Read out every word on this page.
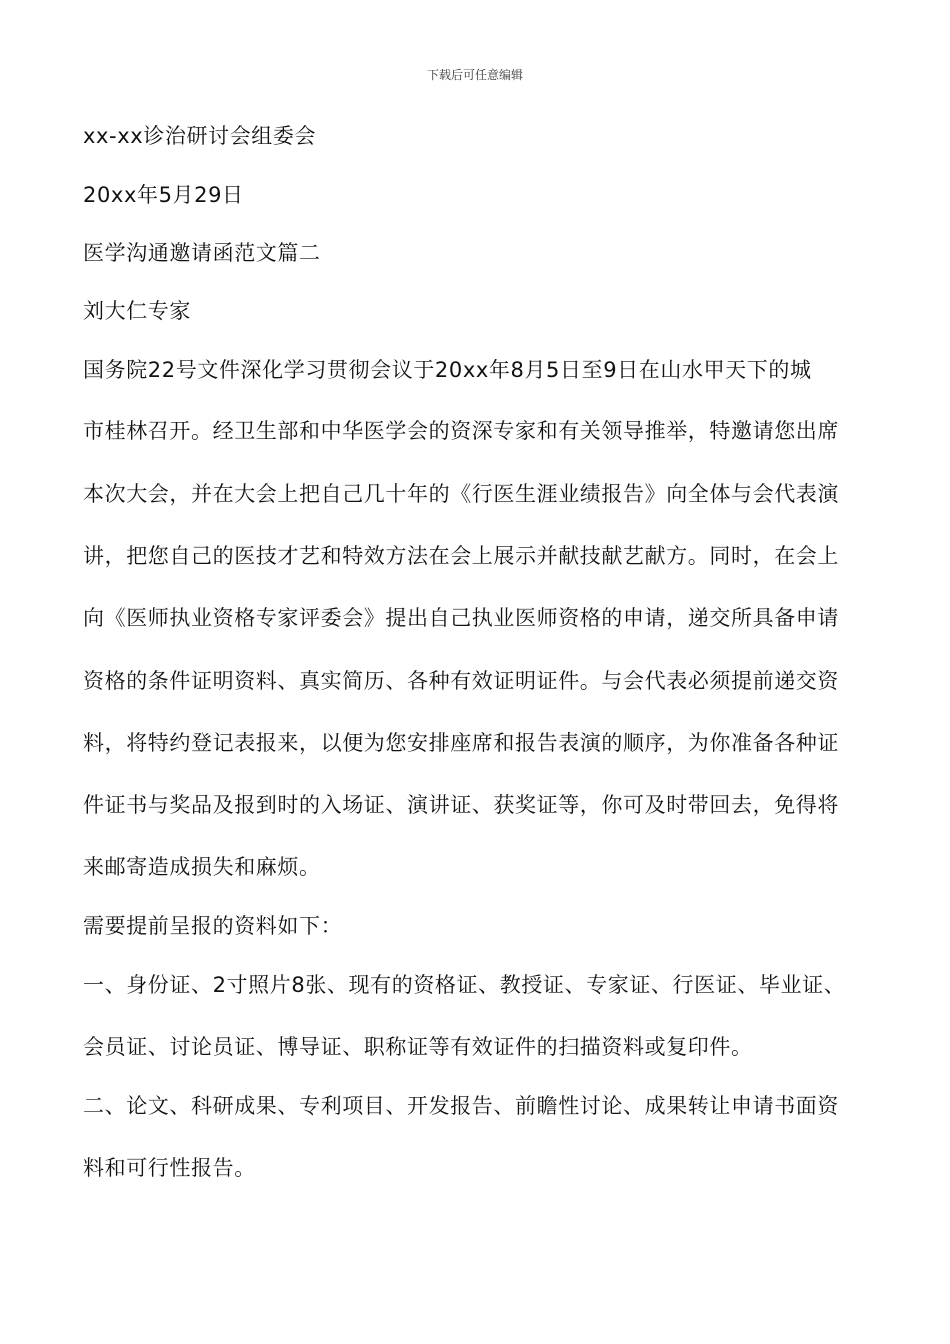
下载后可任意编辑
xx-xx诊治研讨会组委会
20xx年5月29日
医学沟通邀请函范文篇二
刘大仁专家
国务院22号文件深化学习贯彻会议于20xx年8月5日至9日在山水甲天下的城
市桂林召开。经卫生部和中华医学会的资深专家和有关领导推举，特邀请您出席
本次大会，并在大会上把自己几十年的《行医生涯业绩报告》向全体与会代表演
讲，把您自己的医技才艺和特效方法在会上展示并献技献艺献方。同时，在会上
向《医师执业资格专家评委会》提出自己执业医师资格的申请，递交所具备申请
资格的条件证明资料、真实简历、各种有效证明证件。与会代表必须提前递交资
料，将特约登记表报来，以便为您安排座席和报告表演的顺序，为你准备各种证
件证书与奖品及报到时的入场证、演讲证、获奖证等，你可及时带回去，免得将
来邮寄造成损失和麻烦。
需要提前呈报的资料如下：
一、身份证、2寸照片8张、现有的资格证、教授证、专家证、行医证、毕业证、
会员证、讨论员证、博导证、职称证等有效证件的扫描资料或复印件。
二、论文、科研成果、专利项目、开发报告、前瞻性讨论、成果转让申请书面资
料和可行性报告。
